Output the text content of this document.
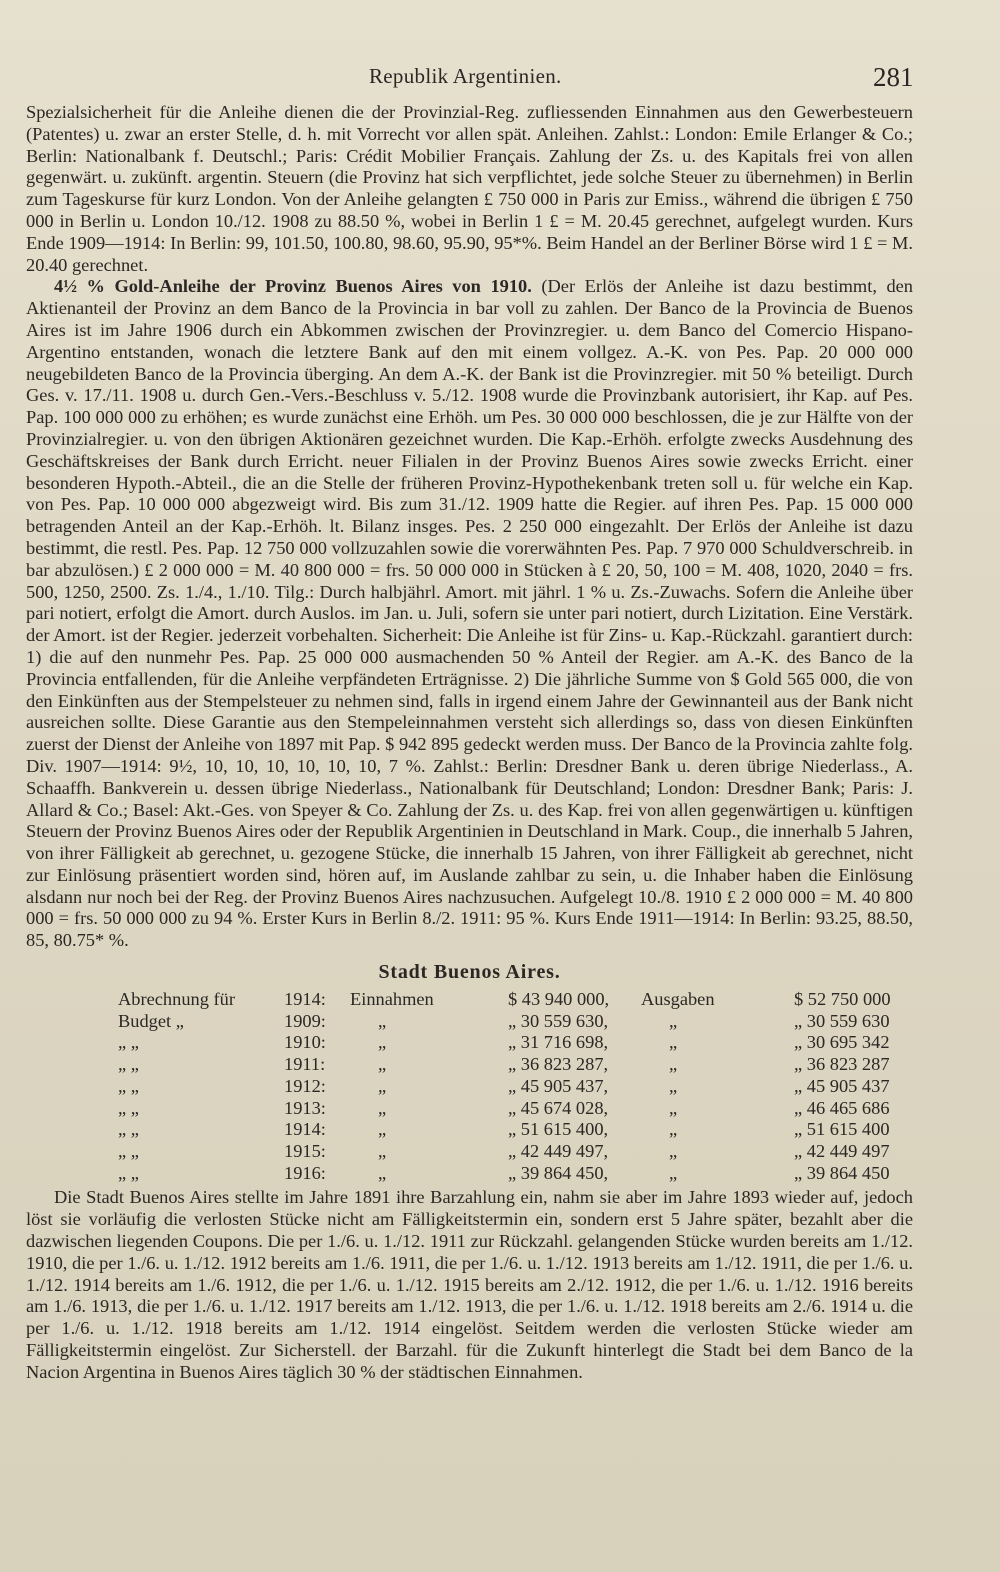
Republik Argentinien.	281

Spezialsicherheit für die Anleihe dienen die der Provinzial-Reg. zufliessenden Einnahmen aus den Gewerbesteuern (Patentes) u. zwar an erster Stelle, d. h. mit Vorrecht vor allen spät. Anleihen. Zahlst.: London: Emile Erlanger & Co.; Berlin: Nationalbank f. Deutschl.; Paris: Crédit Mobilier Français. Zahlung der Zs. u. des Kapitals frei von allen gegenwärt. u. zukünft. argentin. Steuern (die Provinz hat sich verpflichtet, jede solche Steuer zu übernehmen) in Berlin zum Tageskurse für kurz London. Von der Anleihe gelangten £ 750 000 in Paris zur Emiss., während die übrigen £ 750 000 in Berlin u. London 10./12. 1908 zu 88.50 %, wobei in Berlin 1 £ = M. 20.45 gerechnet, aufgelegt wurden. Kurs Ende 1909—1914: In Berlin: 99, 101.50, 100.80, 98.60, 95.90, 95*%. Beim Handel an der Berliner Börse wird 1 £ = M. 20.40 gerechnet.

4½ % Gold-Anleihe der Provinz Buenos Aires von 1910. (Der Erlös der Anleihe ist dazu bestimmt, den Aktienanteil der Provinz an dem Banco de la Provincia in bar voll zu zahlen. Der Banco de la Provincia de Buenos Aires ist im Jahre 1906 durch ein Abkommen zwischen der Provinzregier. u. dem Banco del Comercio Hispano-Argentino entstanden, wonach die letztere Bank auf den mit einem vollgez. A.-K. von Pes. Pap. 20 000 000 neugebildeten Banco de la Provincia überging. An dem A.-K. der Bank ist die Provinzregier. mit 50 % beteiligt. Durch Ges. v. 17./11. 1908 u. durch Gen.-Vers.-Beschluss v. 5./12. 1908 wurde die Provinzbank autorisiert, ihr Kap. auf Pes. Pap. 100 000 000 zu erhöhen; es wurde zunächst eine Erhöh. um Pes. 30 000 000 beschlossen, die je zur Hälfte von der Provinzialregier. u. von den übrigen Aktionären gezeichnet wurden. Die Kap.-Erhöh. erfolgte zwecks Ausdehnung des Geschäftskreises der Bank durch Erricht. neuer Filialen in der Provinz Buenos Aires sowie zwecks Erricht. einer besonderen Hypoth.-Abteil., die an die Stelle der früheren Provinz-Hypothekenbank treten soll u. für welche ein Kap. von Pes. Pap. 10 000 000 abgezweigt wird. Bis zum 31./12. 1909 hatte die Regier. auf ihren Pes. Pap. 15 000 000 betragenden Anteil an der Kap.-Erhöh. lt. Bilanz insges. Pes. 2 250 000 eingezahlt. Der Erlös der Anleihe ist dazu bestimmt, die restl. Pes. Pap. 12 750 000 vollzuzahlen sowie die vorerwähnten Pes. Pap. 7 970 000 Schuldverschreib. in bar abzulösen.) £ 2 000 000 = M. 40 800 000 = frs. 50 000 000 in Stücken à £ 20, 50, 100 = M. 408, 1020, 2040 = frs. 500, 1250, 2500. Zs. 1./4., 1./10. Tilg.: Durch halbjährl. Amort. mit jährl. 1 % u. Zs.-Zuwachs. Sofern die Anleihe über pari notiert, erfolgt die Amort. durch Auslos. im Jan. u. Juli, sofern sie unter pari notiert, durch Lizitation. Eine Verstärk. der Amort. ist der Regier. jederzeit vorbehalten. Sicherheit: Die Anleihe ist für Zins- u. Kap.-Rückzahl. garantiert durch: 1) die auf den nunmehr Pes. Pap. 25 000 000 ausmachenden 50 % Anteil der Regier. am A.-K. des Banco de la Provincia entfallenden, für die Anleihe verpfändeten Erträgnisse. 2) Die jährliche Summe von $ Gold 565 000, die von den Einkünften aus der Stempelsteuer zu nehmen sind, falls in irgend einem Jahre der Gewinnanteil aus der Bank nicht ausreichen sollte. Diese Garantie aus den Stempeleinnahmen versteht sich allerdings so, dass von diesen Einkünften zuerst der Dienst der Anleihe von 1897 mit Pap. $ 942 895 gedeckt werden muss. Der Banco de la Provincia zahlte folg. Div. 1907—1914: 9½, 10, 10, 10, 10, 10, 10, 7 %. Zahlst.: Berlin: Dresdner Bank u. deren übrige Niederlass., A. Schaaffh. Bankverein u. dessen übrige Niederlass., Nationalbank für Deutschland; London: Dresdner Bank; Paris: J. Allard & Co.; Basel: Akt.-Ges. von Speyer & Co. Zahlung der Zs. u. des Kap. frei von allen gegenwärtigen u. künftigen Steuern der Provinz Buenos Aires oder der Republik Argentinien in Deutschland in Mark. Coup., die innerhalb 5 Jahren, von ihrer Fälligkeit ab gerechnet, u. gezogene Stücke, die innerhalb 15 Jahren, von ihrer Fälligkeit ab gerechnet, nicht zur Einlösung präsentiert worden sind, hören auf, im Auslande zahlbar zu sein, u. die Inhaber haben die Einlösung alsdann nur noch bei der Reg. der Provinz Buenos Aires nachzusuchen. Aufgelegt 10./8. 1910 £ 2 000 000 = M. 40 800 000 = frs. 50 000 000 zu 94 %. Erster Kurs in Berlin 8./2. 1911: 95 %. Kurs Ende 1911—1914: In Berlin: 93.25, 88.50, 85, 80.75* %.

Stadt Buenos Aires.
Abrechnung für	1914:	Einnahmen	$ 43 940 000,	Ausgaben	$ 52 750 000
Budget „	1909:	„	„ 30 559 630,	„	„ 30 559 630
„ „	1910:	„	„ 31 716 698,	„	„ 30 695 342
„ „	1911:	„	„ 36 823 287,	„	„ 36 823 287
„ „	1912:	„	„ 45 905 437,	„	„ 45 905 437
„ „	1913:	„	„ 45 674 028,	„	„ 46 465 686
„ „	1914:	„	„ 51 615 400,	„	„ 51 615 400
„ „	1915:	„	„ 42 449 497,	„	„ 42 449 497
„ „	1916:	„	„ 39 864 450,	„	„ 39 864 450

Die Stadt Buenos Aires stellte im Jahre 1891 ihre Barzahlung ein, nahm sie aber im Jahre 1893 wieder auf, jedoch löst sie vorläufig die verlosten Stücke nicht am Fälligkeitstermin ein, sondern erst 5 Jahre später, bezahlt aber die dazwischen liegenden Coupons. Die per 1./6. u. 1./12. 1911 zur Rückzahl. gelangenden Stücke wurden bereits am 1./12. 1910, die per 1./6. u. 1./12. 1912 bereits am 1./6. 1911, die per 1./6. u. 1./12. 1913 bereits am 1./12. 1911, die per 1./6. u. 1./12. 1914 bereits am 1./6. 1912, die per 1./6. u. 1./12. 1915 bereits am 2./12. 1912, die per 1./6. u. 1./12. 1916 bereits am 1./6. 1913, die per 1./6. u. 1./12. 1917 bereits am 1./12. 1913, die per 1./6. u. 1./12. 1918 bereits am 2./6. 1914 u. die per 1./6. u. 1./12. 1918 bereits am 1./12. 1914 eingelöst. Seitdem werden die verlosten Stücke wieder am Fälligkeitstermin eingelöst. Zur Sicherstell. der Barzahl. für die Zukunft hinterlegt die Stadt bei dem Banco de la Nacion Argentina in Buenos Aires täglich 30 % der städtischen Einnahmen.
